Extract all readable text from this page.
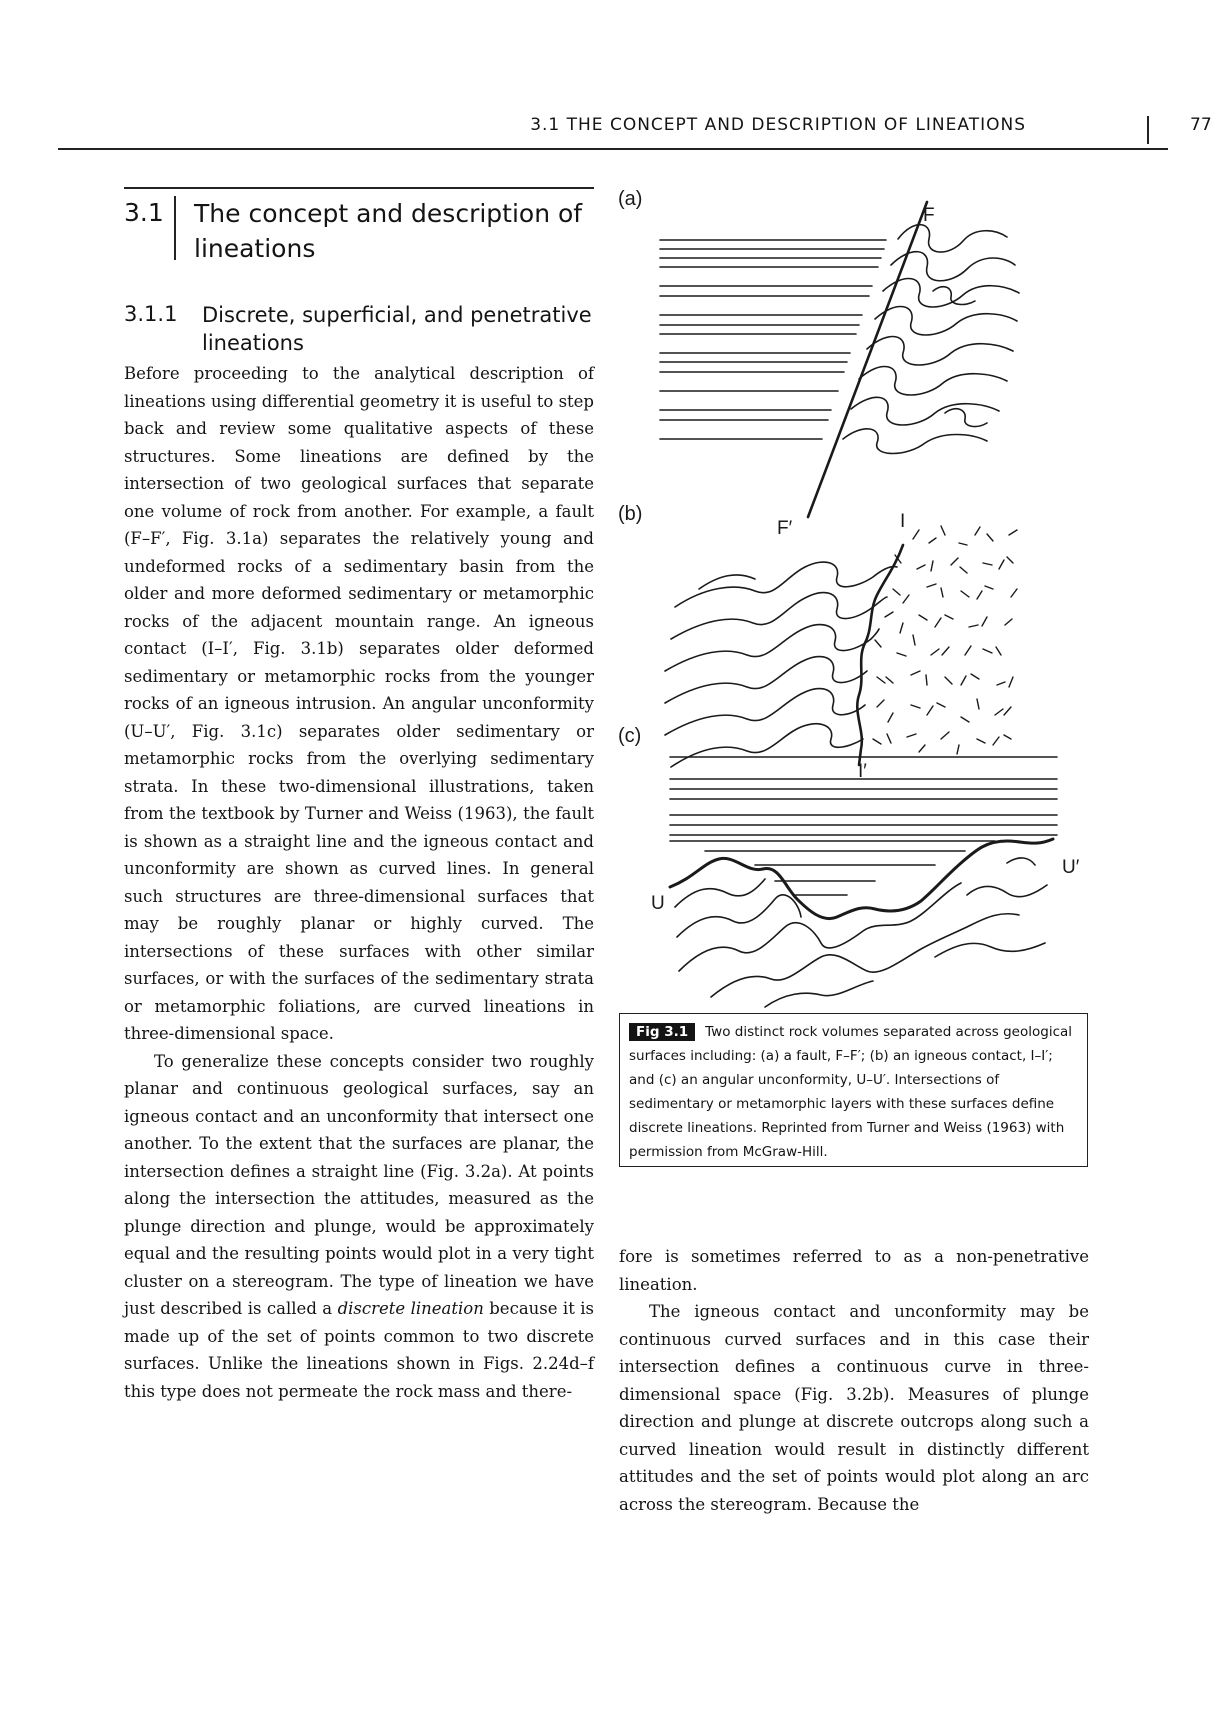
3.1 THE CONCEPT AND DESCRIPTION OF LINEATIONS	77
3.1 The concept and description of lineations
3.1.1 Discrete, superficial, and penetrative lineations

Before proceeding to the analytical description of lineations using differential geometry it is useful to step back and review some qualitative aspects of these structures. Some lineations are defined by the intersection of two geological surfaces that separate one volume of rock from another. For example, a fault (F–F′, Fig. 3.1a) separates the relatively young and undeformed rocks of a sedimentary basin from the older and more deformed sedimentary or metamorphic rocks of the adjacent mountain range. An igneous contact (I–I′, Fig. 3.1b) separates older deformed sedimentary or metamorphic rocks from the younger rocks of an igneous intrusion. An angular unconformity (U–U′, Fig. 3.1c) separates older sedimentary or metamorphic rocks from the overlying sedimentary strata. In these two-dimensional illustrations, taken from the textbook by Turner and Weiss (1963), the fault is shown as a straight line and the igneous contact and unconformity are shown as curved lines. In general such structures are three-dimensional surfaces that may be roughly planar or highly curved. The intersections of these surfaces with other similar surfaces, or with the surfaces of the sedimentary strata or metamorphic foliations, are curved lineations in three-dimensional space.

To generalize these concepts consider two roughly planar and continuous geological surfaces, say an igneous contact and an unconformity that intersect one another. To the extent that the surfaces are planar, the intersection defines a straight line (Fig. 3.2a). At points along the intersection the attitudes, measured as the plunge direction and plunge, would be approximately equal and the resulting points would plot in a very tight cluster on a stereogram. The type of lineation we have just described is called a discrete lineation because it is made up of the set of points common to two discrete surfaces. Unlike the lineations shown in Figs. 2.24d–f this type does not permeate the rock mass and there-

(a)
F
F′
(b)	I
I′
(c)
U
U′
Fig 3.1 Two distinct rock volumes separated across geological surfaces including: (a) a fault, F–F′; (b) an igneous contact, I–I′; and (c) an angular unconformity, U–U′. Intersections of sedimentary or metamorphic layers with these surfaces define discrete lineations. Reprinted from Turner and Weiss (1963) with permission from McGraw-Hill.

fore is sometimes referred to as a non-penetrative lineation.

The igneous contact and unconformity may be continuous curved surfaces and in this case their intersection defines a continuous curve in three-dimensional space (Fig. 3.2b). Measures of plunge direction and plunge at discrete outcrops along such a curved lineation would result in distinctly different attitudes and the set of points would plot along an arc across the stereogram. Because the
